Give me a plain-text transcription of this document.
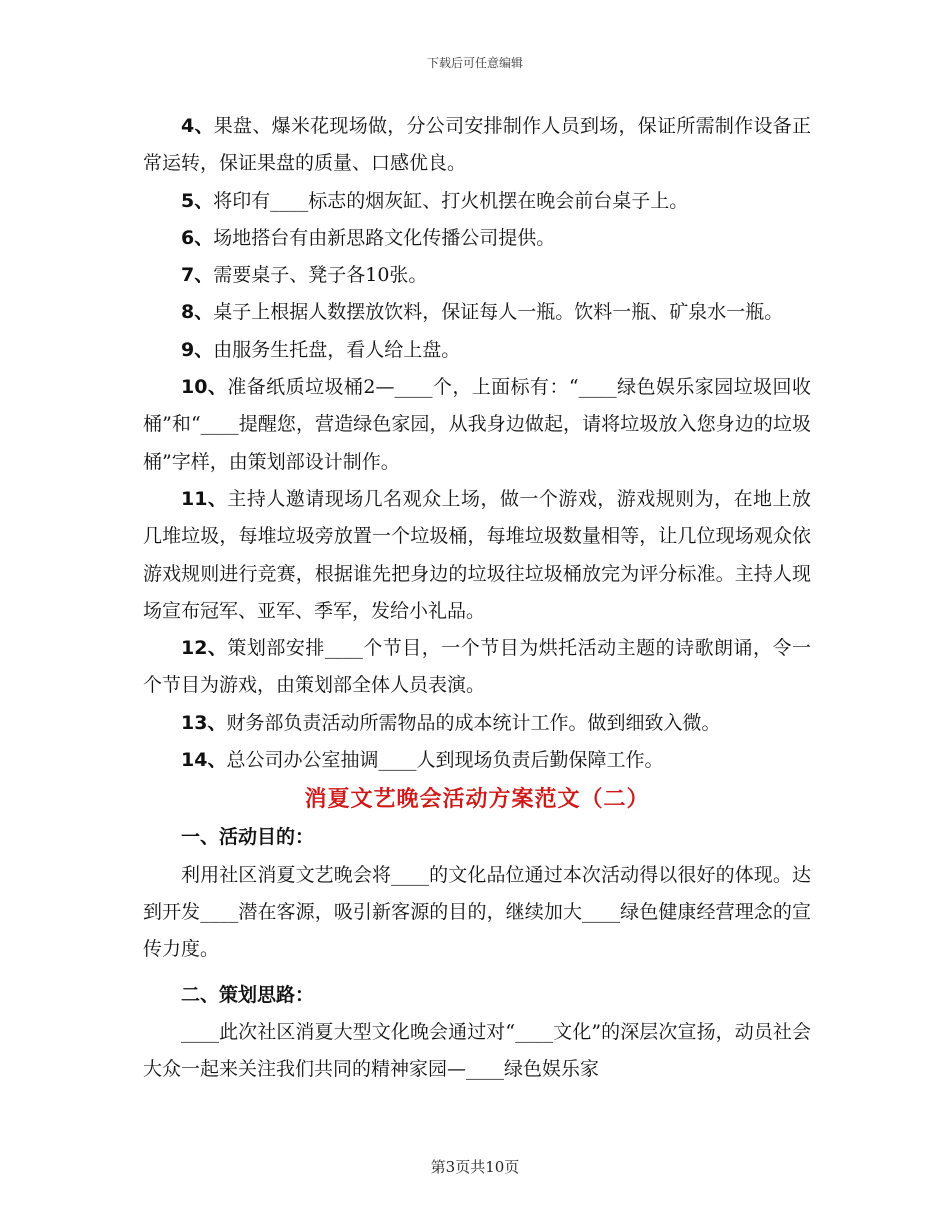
下载后可任意编辑

4、果盘、爆米花现场做，分公司安排制作人员到场，保证所需制作设备正常运转，保证果盘的质量、口感优良。

5、将印有____标志的烟灰缸、打火机摆在晚会前台桌子上。

6、场地搭台有由新思路文化传播公司提供。

7、需要桌子、凳子各10张。

8、桌子上根据人数摆放饮料，保证每人一瓶。饮料一瓶、矿泉水一瓶。

9、由服务生托盘，看人给上盘。

10、准备纸质垃圾桶2—____个，上面标有：“____绿色娱乐家园垃圾回收桶”和“____提醒您，营造绿色家园，从我身边做起，请将垃圾放入您身边的垃圾桶”字样，由策划部设计制作。

11、主持人邀请现场几名观众上场，做一个游戏，游戏规则为，在地上放几堆垃圾，每堆垃圾旁放置一个垃圾桶，每堆垃圾数量相等，让几位现场观众依游戏规则进行竞赛，根据谁先把身边的垃圾往垃圾桶放完为评分标准。主持人现场宣布冠军、亚军、季军，发给小礼品。

12、策划部安排____个节目，一个节目为烘托活动主题的诗歌朗诵，令一个节目为游戏，由策划部全体人员表演。

13、财务部负责活动所需物品的成本统计工作。做到细致入微。

14、总公司办公室抽调____人到现场负责后勤保障工作。

消夏文艺晚会活动方案范文（二）

一、活动目的：

利用社区消夏文艺晚会将____的文化品位通过本次活动得以很好的体现。达到开发____潜在客源，吸引新客源的目的，继续加大____绿色健康经营理念的宣传力度。

二、策划思路：

____此次社区消夏大型文化晚会通过对“____文化”的深层次宣扬，动员社会大众一起来关注我们共同的精神家园—____绿色娱乐家

第3页共10页
